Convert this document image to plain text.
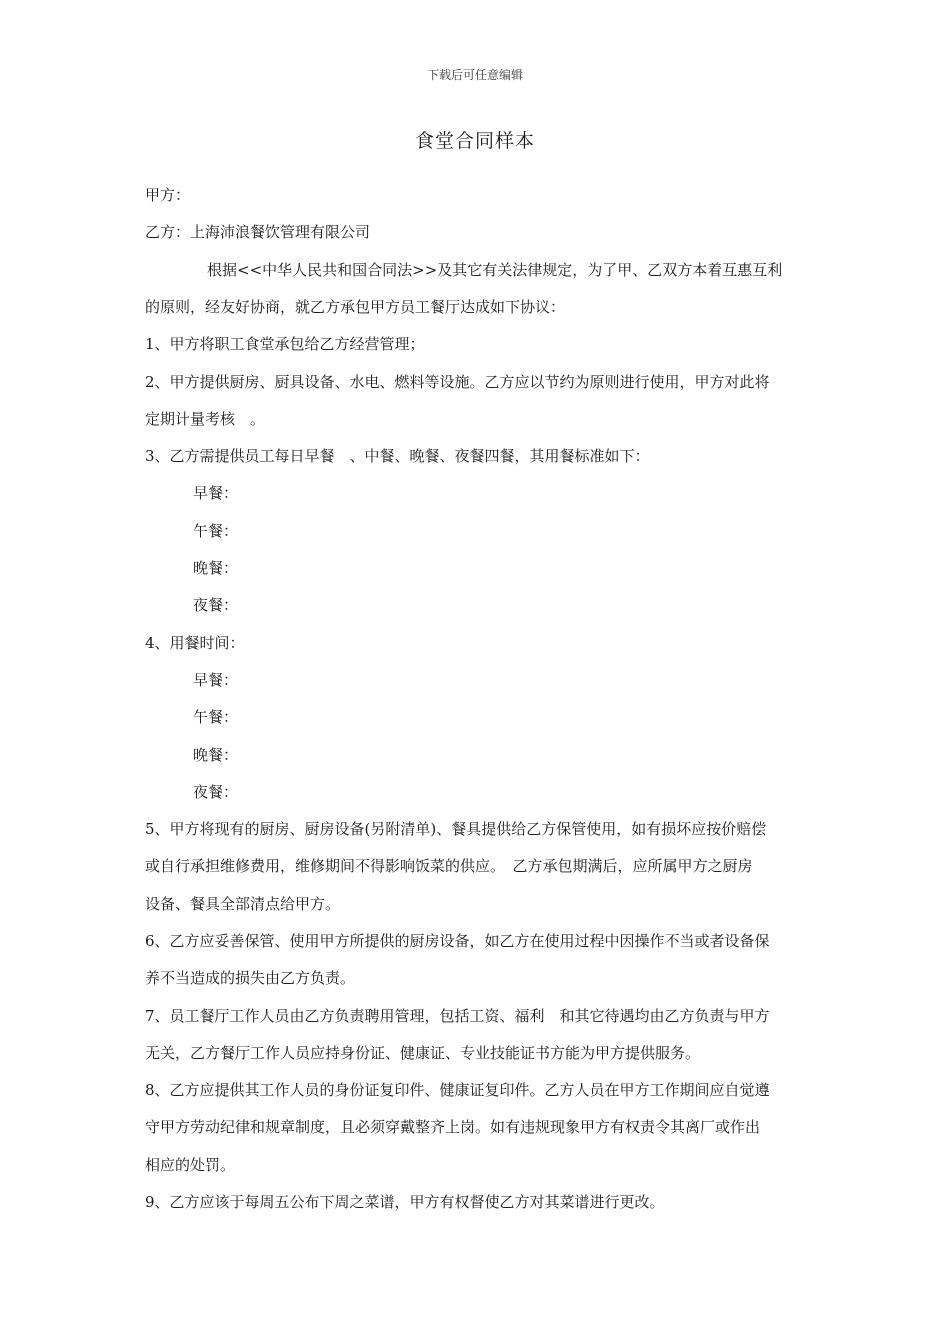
下载后可任意编辑
食堂合同样本
甲方：
乙方：上海沛浪餐饮管理有限公司
根据<<中华人民共和国合同法>>及其它有关法律规定，为了甲、乙双方本着互惠互利
的原则，经友好协商，就乙方承包甲方员工餐厅达成如下协议：
1、甲方将职工食堂承包给乙方经营管理；
2、甲方提供厨房、厨具设备、水电、燃料等设施。乙方应以节约为原则进行使用，甲方对此将
定期计量考核　。
3、乙方需提供员工每日早餐　、中餐、晚餐、夜餐四餐，其用餐标准如下：
早餐：
午餐：
晚餐：
夜餐：
4、用餐时间：
早餐：
午餐：
晚餐：
夜餐：
5、甲方将现有的厨房、厨房设备(另附清单)、餐具提供给乙方保管使用，如有损坏应按价赔偿
或自行承担维修费用，维修期间不得影响饭菜的供应。　乙方承包期满后，应所属甲方之厨房
设备、餐具全部清点给甲方。
6、乙方应妥善保管、使用甲方所提供的厨房设备，如乙方在使用过程中因操作不当或者设备保
养不当造成的损失由乙方负责。
7、员工餐厅工作人员由乙方负责聘用管理，包括工资、福利　和其它待遇均由乙方负责与甲方
无关，乙方餐厅工作人员应持身份证、健康证、专业技能证书方能为甲方提供服务。
8、乙方应提供其工作人员的身份证复印件、健康证复印件。乙方人员在甲方工作期间应自觉遵
守甲方劳动纪律和规章制度，且必须穿戴整齐上岗。如有违规现象甲方有权责令其离厂或作出
相应的处罚。
9、乙方应该于每周五公布下周之菜谱，甲方有权督使乙方对其菜谱进行更改。
